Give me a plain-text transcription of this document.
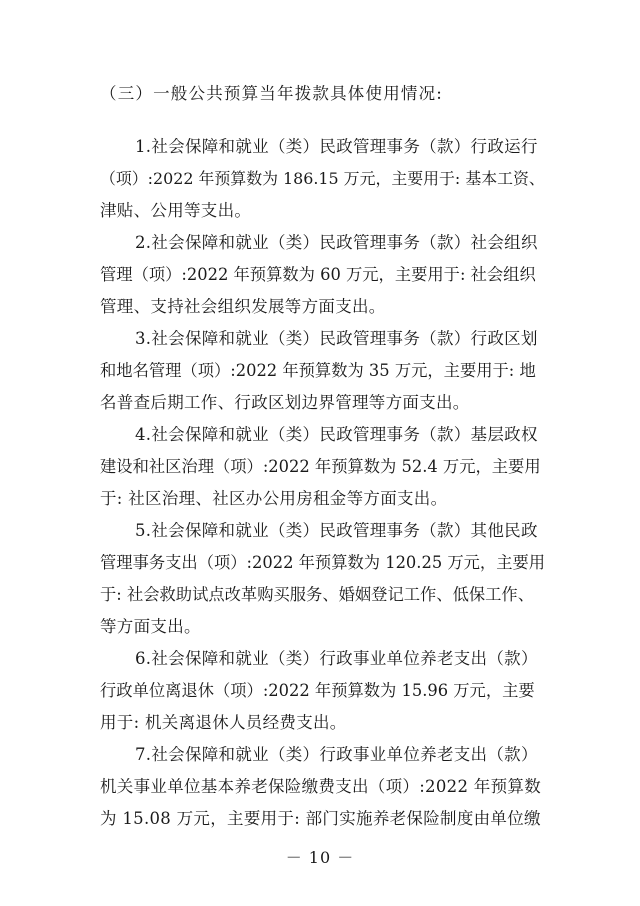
（三）一般公共预算当年拨款具体使用情况:
1.社会保障和就业（类）民政管理事务（款）行政运行
（项）:2022 年预算数为 186.15 万元，主要用于: 基本工资、
津贴、公用等支出。
2.社会保障和就业（类）民政管理事务（款）社会组织
管理（项）:2022 年预算数为 60 万元，主要用于: 社会组织
管理、支持社会组织发展等方面支出。
3.社会保障和就业（类）民政管理事务（款）行政区划
和地名管理（项）:2022 年预算数为 35 万元，主要用于: 地
名普查后期工作、行政区划边界管理等方面支出。
4.社会保障和就业（类）民政管理事务（款）基层政权
建设和社区治理（项）:2022 年预算数为 52.4 万元，主要用
于: 社区治理、社区办公用房租金等方面支出。
5.社会保障和就业（类）民政管理事务（款）其他民政
管理事务支出（项）:2022 年预算数为 120.25 万元，主要用
于: 社会救助试点改革购买服务、婚姻登记工作、低保工作、
等方面支出。
6.社会保障和就业（类）行政事业单位养老支出（款）
行政单位离退休（项）:2022 年预算数为 15.96 万元，主要
用于: 机关离退休人员经费支出。
7.社会保障和就业（类）行政事业单位养老支出（款）
机关事业单位基本养老保险缴费支出（项）:2022 年预算数
为 15.08 万元，主要用于: 部门实施养老保险制度由单位缴
－ 10 －
